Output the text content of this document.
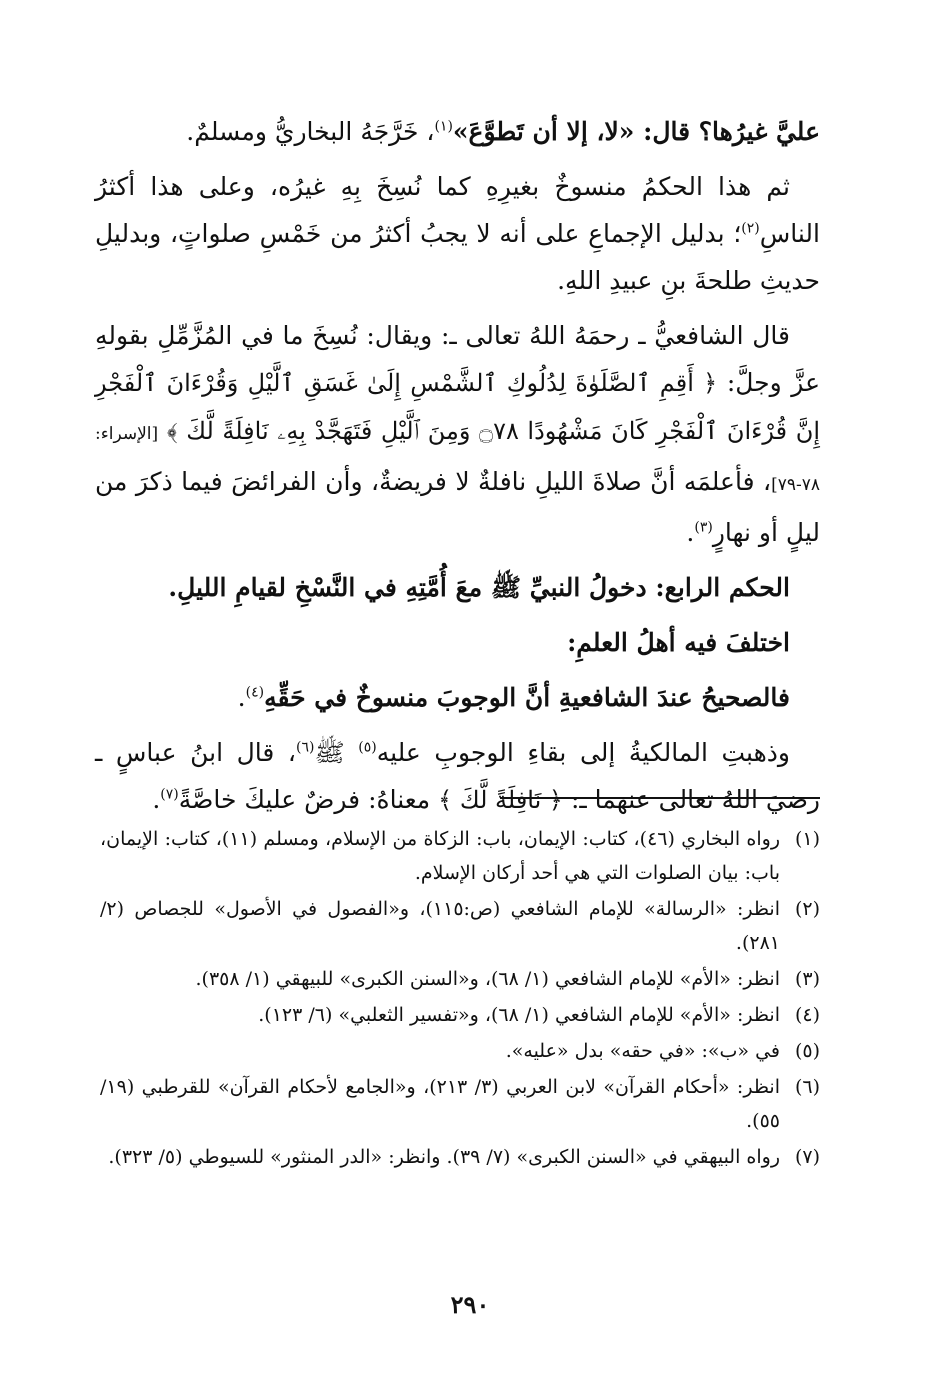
عليَّ غيرُها؟ قال: «لا، إلا أن تَطوَّعَ»$^{(١)}$، خَرَّجَهُ البخاريُّ ومسلمٌ.

ثم هذا الحكمُ منسوخٌ بغيرِهِ كما نُسِخَ بِهِ غيرُه، وعلى هذا أكثرُ الناسِ$^{(٢)}$؛ بدليل الإجماعِ على أنه لا يجبُ أكثرُ من خَمْسِ صلواتٍ، وبدليلِ حديثِ طلحةَ بنِ عبيدِ اللهِ.

قال الشافعيُّ ـ رحمَهُ اللهُ تعالى ـ: ويقال: نُسِخَ ما في المُزَّمِّلِ بقولهِ عزَّ وجلَّ: ﴿ أَقِمِ ٱلصَّلَوٰةَ لِدُلُوكِ ٱلشَّمْسِ إِلَىٰ غَسَقِ ٱلَّيْلِ وَقُرْءَانَ ٱلْفَجْرِ إِنَّ قُرْءَانَ ٱلْفَجْرِ كَانَ مَشْهُودًا ۝٧٨ وَمِنَ ٱلَّيْلِ فَتَهَجَّدْ بِهِۦ نَافِلَةً لَّكَ ﴾ [الإسراء: ٧٨-٧٩]، فأعلمَه أنَّ صلاةَ الليلِ نافلةٌ لا فريضةٌ، وأن الفرائضَ فيما ذكرَ من ليلٍ أو نهارٍ$^{(٣)}$.

الحكم الرابع: دخولُ النبيِّ ﷺ معَ أُمَّتِهِ في النَّسْخِ لقيامِ الليلِ.

اختلفَ فيه أهلُ العلمِ:

فالصحيحُ عندَ الشافعيةِ أنَّ الوجوبَ منسوخٌ في حَقِّهِ$^{(٤)}$.

وذهبتِ المالكيةُ إلى بقاءِ الوجوبِ عليه$^{(٥)}$ ﷺ$^{(٦)}$، قال ابنُ عباسٍ ـ رضيَ اللهُ تعالى عنهما ـ: ﴿ نَافِلَةً لَّكَ ﴾ معناهُ: فرضٌ عليكَ خاصَّةً$^{(٧)}$.

(١)
رواه البخاري (٤٦)، كتاب: الإيمان، باب: الزكاة من الإسلام، ومسلم (١١)، كتاب: الإيمان، باب: بيان الصلوات التي هي أحد أركان الإسلام.
(٢)
انظر: «الرسالة» للإمام الشافعي (ص:١١٥)، و«الفصول في الأصول» للجصاص (٢/ ٢٨١).
(٣)
انظر: «الأم» للإمام الشافعي (١/ ٦٨)، و«السنن الكبرى» للبيهقي (١/ ٣٥٨).
(٤)
انظر: «الأم» للإمام الشافعي (١/ ٦٨)، و«تفسير الثعلبي» (٦/ ١٢٣).
(٥)
في «ب»: «في حقه» بدل «عليه».
(٦)
انظر: «أحكام القرآن» لابن العربي (٣/ ٢١٣)، و«الجامع لأحكام القرآن» للقرطبي (١٩/ ٥٥).
(٧)
رواه البيهقي في «السنن الكبرى» (٧/ ٣٩). وانظر: «الدر المنثور» للسيوطي (٥/ ٣٢٣).
٢٩٠
